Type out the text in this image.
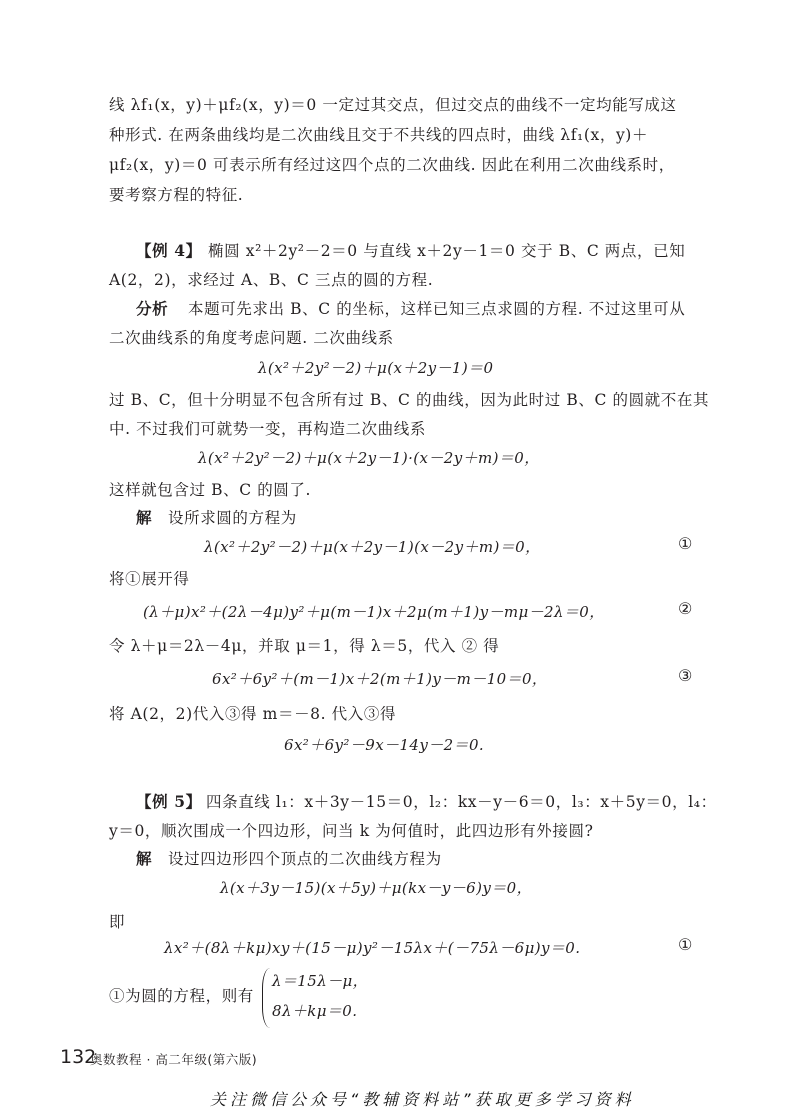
线 λf₁(x，y)＋μf₂(x，y)＝0 一定过其交点，但过交点的曲线不一定均能写成这
种形式. 在两条曲线均是二次曲线且交于不共线的四点时，曲线 λf₁(x，y)＋
μf₂(x，y)＝0 可表示所有经过这四个点的二次曲线. 因此在利用二次曲线系时，
要考察方程的特征.
【例 4】 椭圆 x²＋2y²－2＝0 与直线 x＋2y－1＝0 交于 B、C 两点，已知
A(2，2)，求经过 A、B、C 三点的圆的方程.
分析 本题可先求出 B、C 的坐标，这样已知三点求圆的方程. 不过这里可从
二次曲线系的角度考虑问题. 二次曲线系
λ(x²＋2y²－2)＋μ(x＋2y－1)＝0
过 B、C，但十分明显不包含所有过 B、C 的曲线，因为此时过 B、C 的圆就不在其
中. 不过我们可就势一变，再构造二次曲线系
λ(x²＋2y²－2)＋μ(x＋2y－1)·(x－2y＋m)＝0，
这样就包含过 B、C 的圆了.
解 设所求圆的方程为
λ(x²＋2y²－2)＋μ(x＋2y－1)(x－2y＋m)＝0，	①
将①展开得
(λ＋μ)x²＋(2λ－4μ)y²＋μ(m－1)x＋2μ(m＋1)y－mμ－2λ＝0，	②
令 λ＋μ＝2λ－4μ，并取 μ＝1，得 λ＝5，代入 ② 得
6x²＋6y²＋(m－1)x＋2(m＋1)y－m－10＝0，	③
将 A(2，2)代入③得 m＝－8. 代入③得
6x²＋6y²－9x－14y－2＝0.
【例 5】 四条直线 l₁：x＋3y－15＝0，l₂：kx－y－6＝0，l₃：x＋5y＝0，l₄：
y＝0，顺次围成一个四边形，问当 k 为何值时，此四边形有外接圆?
解 设过四边形四个顶点的二次曲线方程为
λ(x＋3y－15)(x＋5y)＋μ(kx－y－6)y＝0，
即
λx²＋(8λ＋kμ)xy＋(15－μ)y²－15λx＋(－75λ－6μ)y＝0.	①
①为圆的方程，则有
λ＝15λ－μ，
8λ＋kμ＝0.
132
奥数教程 · 高二年级(第六版)
关注微信公众号“教辅资料站”获取更多学习资料
